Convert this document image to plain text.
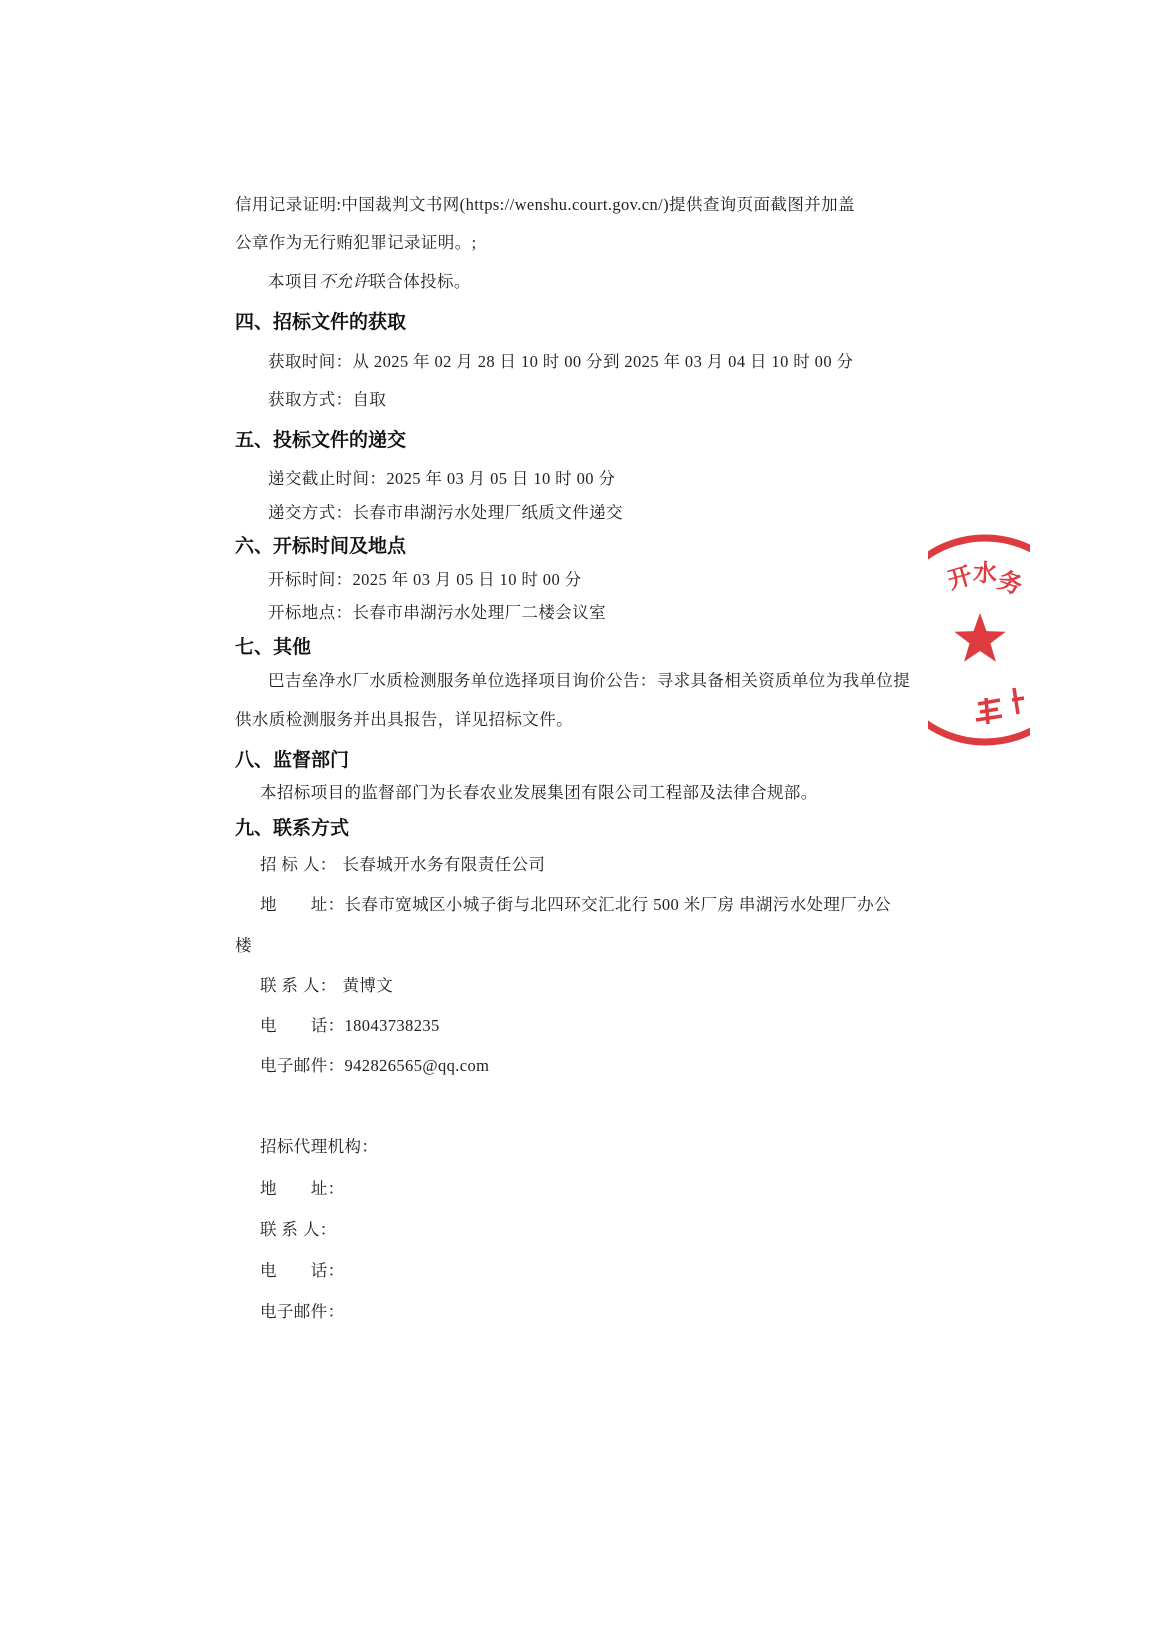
信用记录证明:中国裁判文书网(https://wenshu.court.gov.cn/)提供查询页面截图并加盖
公章作为无行贿犯罪记录证明。;
本项目不允许联合体投标。
四、招标文件的获取
获取时间：从 2025 年 02 月 28 日 10 时 00 分到 2025 年 03 月 04 日 10 时 00 分
获取方式：自取
五、投标文件的递交
递交截止时间：2025 年 03 月 05 日 10 时 00 分
递交方式：长春市串湖污水处理厂纸质文件递交
六、开标时间及地点
开标时间：2025 年 03 月 05 日 10 时 00 分
开标地点：长春市串湖污水处理厂二楼会议室
七、其他
巴吉垒净水厂水质检测服务单位选择项目询价公告：寻求具备相关资质单位为我单位提
供水质检测服务并出具报告，详见招标文件。
八、监督部门
本招标项目的监督部门为长春农业发展集团有限公司工程部及法律合规部。
九、联系方式
招 标 人： 长春城开水务有限责任公司
地　　址：长春市宽城区小城子街与北四环交汇北行 500 米厂房 串湖污水处理厂办公
楼
联 系 人： 黄博文
电　　话：18043738235
电子邮件：942826565@qq.com
招标代理机构：
地　　址：
联 系 人：
电　　话：
电子邮件：
开
水
务
